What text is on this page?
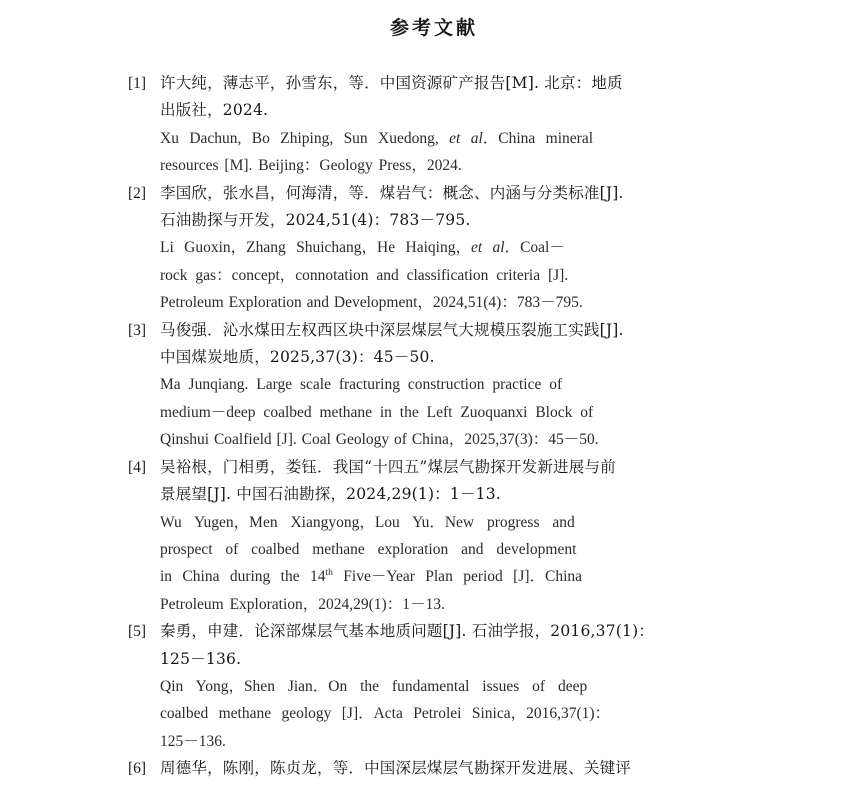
参考文献
[1] 许大纯，薄志平，孙雪东，等．中国资源矿产报告[M]. 北京：地质
出版社，2024.
Xu Dachun, Bo Zhiping, Sun Xuedong, et al．China mineral
resources [M]. Beijing：Geology Press，2024.
[2] 李国欣，张水昌，何海清，等．煤岩气：概念、内涵与分类标准[J].
石油勘探与开发，2024,51(4)：783－795.
Li Guoxin，Zhang Shuichang，He Haiqing，et al．Coal－
rock gas：concept，connotation and classification criteria [J].
Petroleum Exploration and Development，2024,51(4)：783－795.
[3] 马俊强．沁水煤田左权西区块中深层煤层气大规模压裂施工实践[J].
中国煤炭地质，2025,37(3)：45－50.
Ma Junqiang. Large scale fracturing construction practice of
medium－deep coalbed methane in the Left Zuoquanxi Block of
Qinshui Coalfield [J]. Coal Geology of China，2025,37(3)：45－50.
[4] 吴裕根，门相勇，娄钰．我国“十四五”煤层气勘探开发新进展与前
景展望[J]. 中国石油勘探，2024,29(1)：1－13.
Wu Yugen，Men Xiangyong，Lou Yu．New progress and
prospect of coalbed methane exploration and development
in China during the 14th Five－Year Plan period [J]．China
Petroleum Exploration，2024,29(1)：1－13.
[5] 秦勇，申建．论深部煤层气基本地质问题[J]. 石油学报，2016,37(1)：
125－136.
Qin Yong，Shen Jian．On the fundamental issues of deep
coalbed methane geology [J]．Acta Petrolei Sinica，2016,37(1)：
125－136.
[6] 周德华，陈刚，陈贞龙，等．中国深层煤层气勘探开发进展、关键评
